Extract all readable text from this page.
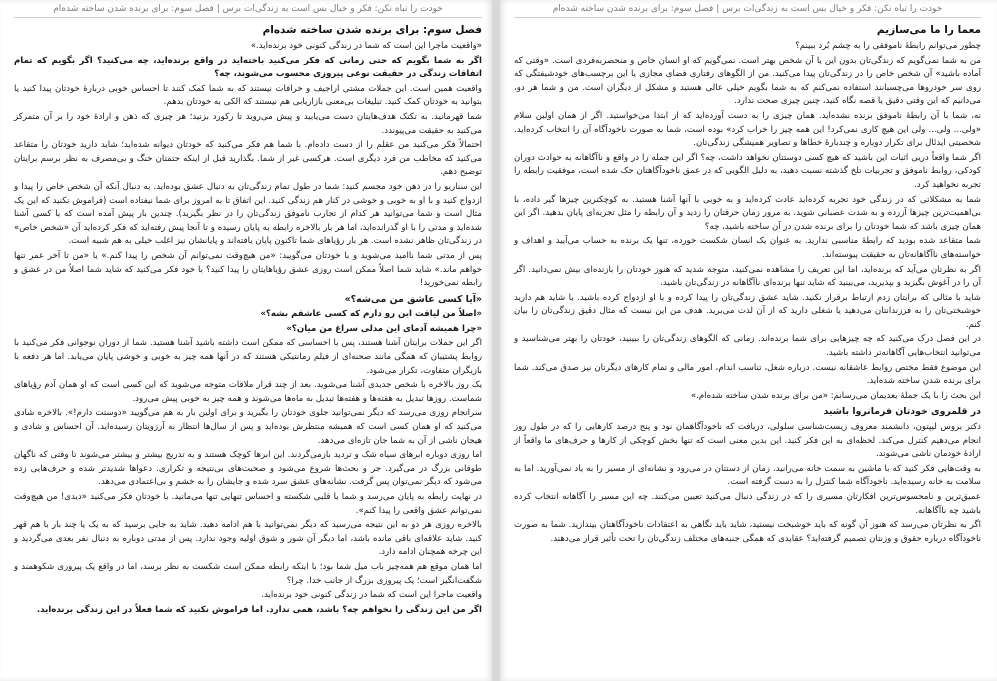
خودت را تباه نکن: فکر و خیال بس است به زندگی‌ات برس | فصل سوم: برای برنده شدن ساخته شده‌ام
فصل سوم: برای برنده شدن ساخته شده‌ام

«واقعیت ماجرا این است که شما در زندگی کنونی خود برنده‌اید.»

اگر به شما بگویم که حتی زمانی که فکر می‌کنید باخته‌اید در واقع برنده‌اید، چه می‌کنید؟ اگر بگویم که تمام اتفاقات زندگی در حقیقت نوعی پیروزی محسوب می‌شوند، چه؟

واقعیت همین است. این جملات مشتی اراجیف و خرافات نیستند که به شما کمک کنند تا احساس خوبی دربارهٔ خودتان پیدا کنید یا بتوانید به خودتان کمک کنید. تبلیغات بی‌معنی بازاریابی هم نیستند که الکی به خودتان بدهم.

شما قهرمانید. به تکتک هدف‌هایتان دست می‌یابید و پیش می‌روید تا رکورد بزنید؛ هر چیزی که ذهن و ارادهٔ خود را بر آن متمرکز می‌کنید به حقیقت می‌پیوندد.

احتمالاً فکر می‌کنید من عقلم را از دست داده‌ام. با شما هم فکر می‌کنید که خودتان دیوانه شده‌اید؛ شاید دارید خودتان را متقاعد می‌کنید که مخاطب من فرد دیگری است. هرکسی غیر از شما. بگذارید قبل از اینکه حتمتان خنگ و بی‌مصرف به نظر برسم برایتان توضیح دهم.

این سناریو را در ذهن خود مجسم کنید: شما در طول تمام زندگی‌تان به دنبال عشق بوده‌اید. به دنبال آنکه آن شخص خاص را پیدا و ازدواج کنید و با او به خوبی و خوشی در کنار هم زندگی کنید. این اتفاق تا به امروز برای شما نیفتاده است (فراموش نکنید که این یک مثال است و شما می‌توانید هر کدام از تجارب ناموفق زندگی‌تان را در نظر بگیرید). چندین بار پیش آمده است که با کسی آشنا شده‌اید و مدتی را با او گذرانده‌اید، اما هر بار بالاخره رابطه به پایان رسیده و تا آنجا پیش رفته‌اید که فکر کرده‌اید آن «شخص خاص» در زندگی‌تان ظاهر نشده است. هر بار رؤیاهای شما تاکنون پایان یافته‌اند و پایانشان نیز اغلب خیلی به هم شبیه است.

پس از مدتی شما ناامید می‌شوید و با خودتان می‌گویید: «من هیچ‌وقت نمی‌توانم آن شخص را پیدا کنم.» یا «من تا آخر عمر تنها خواهم ماند.» شاید شما اصلاً ممکن است روزی عشق رؤیاهایتان را پیدا کنید؟ با خود فکر می‌کنید که شاید شما اصلاً من در عشق و رابطه نمی‌خورید!

«آیا کسی عاشق من می‌شه؟»

«اصلاً من لیاقت این رو دارم که کسی عاشقم بشه؟»

«چرا همیشه آدمای این مدلی سراغ من میان؟»

اگر این جملات برایتان آشنا هستند، پس با احساسی که ممکن است داشته باشید آشنا هستید. شما از دوران نوجوانی فکر می‌کنید با روابط پشتیبان که همگی مانند صحنه‌ای از فیلم رمانتیکی هستند که در آنها همه چیز به خوبی و خوشی پایان می‌یابد. اما هر دفعه با بازیگران متفاوت، تکرار می‌شود.

یک روز بالاخره با شخص جدیدی آشنا می‌شوید. بعد از چند قرار ملاقات متوجه می‌شوید که این کسی است که او همان آدم رؤیاهای شماست. روزها تبدیل به هفته‌ها و هفته‌ها تبدیل به ماه‌ها می‌شوند و همه چیز به خوبی پیش می‌رود.

سرانجام روزی می‌رسد که دیگر نمی‌توانید جلوی خودتان را بگیرید و برای اولین بار به هم می‌گویید «دوستت دارم!». بالاخره شادی می‌کنید که او همان کسی است که همیشه منتظرش بوده‌اید و پس از سال‌ها انتظار به آرزویتان رسیده‌اید. آن احساس و شادی و هیجان ناشی از آن به شما جان تازه‌ای می‌دهد.

اما روزی دوباره ابرهای سیاه شک و تردید بازمی‌گردند. این ابرها کوچک هستند و به تدریج بیشتر و بیشتر می‌شوند تا وقتی که ناگهان طوفانی بزرگ در می‌گیرد. جر و بحث‌ها شروع می‌شود و صحبت‌های بی‌نتیجه و تکراری. دعواها شدیدتر شده و حرف‌هایی زده می‌شود که دیگر نمی‌توان پس گرفت. نشانه‌های عشق سرد شده و جایشان را به خشم و بی‌اعتمادی می‌دهد.

در نهایت رابطه به پایان می‌رسد و شما با قلبی شکسته و احساس تنهایی تنها می‌مانید. با خودتان فکر می‌کنید «دیدی! من هیچ‌وقت نمی‌توانم عشق واقعی را پیدا کنم».

بالاخره روزی هر دو به این نتیجه می‌رسید که دیگر نمی‌توانید با هم ادامه دهید. شاید به جایی برسید که به یک یا چند بار با هم قهر کنید. شاید علاقه‌ای باقی مانده باشد، اما دیگر آن شور و شوق اولیه وجود ندارد. پس از مدتی دوباره به دنبال نفر بعدی می‌گردید و این چرخه همچنان ادامه دارد.

اما همان موقع هم همه‌چیز باب میل شما بود؛ با اینکه رابطه ممکن است شکست به نظر برسد، اما در واقع یک پیروزی شکوهمند و شگفت‌انگیز است؛ یک پیروزی بزرگ از جانب خدا. چرا؟

واقعیت ماجرا این است که شما در زندگی کنونی خود برنده‌اید.

اگر من این زندگی را نخواهم چه؟ باشد، همی ندارد. اما فراموش نکنید که شما فعلاً در این زندگی برنده‌اید.

خودت را تباه نکن: فکر و خیال بس است به زندگی‌ات برس | فصل سوم: برای برنده شدن ساخته شده‌ام
معما را ما می‌سازیم

چطور می‌توانم رابطهٔ ناموفقی را به چشم بُرد ببینم؟

من به شما نمی‌گویم که زندگی‌تان بدون این یا آن شخص بهتر است. نمی‌گویم که او انسان خاص و منحصربه‌فردی است. «وقتی که آماده باشید» آن شخص خاص را در زندگی‌تان پیدا می‌کنید. من از الگوهای رفتاری فضای مجازی یا این برچسب‌های خودشیفتگی که روی سر خودروها می‌چسبانند استفاده نمی‌کنم که به شما بگویم خیلی عالی هستید و مشکل از دیگران است. من و شما هر دو، می‌دانیم که این وقتی دقیق یا قصه نگاه کنید، چنین چیزی صحت ندارد.

نه، شما با آن رابطهٔ ناموفق برنده نشده‌اید. همان چیزی را به دست آورده‌اید که از ابتدا می‌خواستید. اگر از همان اولین سلام «ولی... ولی... ولی این هیچ کاری نمی‌کرد! این همه چیز را خراب کرد» بوده است، شما به صورت ناخودآگاه آن را انتخاب کرده‌اید. شخصیتی ایدئال برای تکرار دوباره و چندبارهٔ خطاها و تصاویر همیشگی زندگی‌تان.

اگر شما واقعاً دریی اثبات این باشید که هیچ کسی دوستتان نخواهد داشت، چه؟ اگر این جمله را در واقع و ناآگاهانه به حوادث دوران کودکی، روابط ناموفق و تجربیات تلخ گذشته نسبت دهید، به دلیل الگویی که در عمق ناخودآگاهتان حک شده است، موفقیت رابطه را تجربه نخواهید کرد.

شما به مشکلاتی که در زندگی خود تجربه کرده‌اید عادت کرده‌اید و به خوبی با آنها آشنا هستید. به کوچکترین چیزها گیر داده، با بی‌اهمیت‌ترین چیزها آزرده و به شدت عصبانی شوید. به مرور زمان حرفتان را زدید و آن رابطه را مثل تجربه‌ای پایان بدهید. اگر این همان چیزی باشد که شما خودتان را برای برنده شدن در آن ساخته باشید، چه؟

شما متقاعد شده بودید که رابطهٔ مناسبی ندارید. به عنوان یک انسان شکست خورده، تنها یک برنده به حساب می‌آیید و اهداف و خواسته‌های ناآگاهانه‌تان به حقیقت پیوسته‌اند.

اگر به نظرتان می‌آید که برنده‌اید، اما این تعریف را مشاهده نمی‌کنید، متوجه شدید که هنوز خودتان را بازنده‌ای بیش نمی‌دانید. اگر آن را در آغوش بگیرید و بپذیرید، می‌بینید که شاید تنها برنده‌ای ناآگاهانه در زندگی‌تان باشید.

شاید با مثالی که برایتان زدم ارتباط برقرار نکنید. شاید عشق زندگی‌تان را پیدا کرده و با او ازدواج کرده باشید. یا شاید هم دارید خوشبختی‌تان را به فرزندانتان می‌دهید یا شغلی دارید که از آن لذت می‌برید. هدف من این نیست که مثال دقیق زندگی‌تان را بیان کنم.

در این فصل درک می‌کنید که چه چیزهایی برای شما برنده‌اند. زمانی که الگوهای زندگی‌تان را ببینید، خودتان را بهتر می‌شناسید و می‌توانید انتخاب‌هایی آگاهانه‌تر داشته باشید.

این موضوع فقط مختص روابط عاشقانه نیست. درباره شغل، تناسب اندام، امور مالی و تمام کارهای دیگرتان نیز صدق می‌کند. شما برای برنده شدن ساخته شده‌اید.

این بحث را با یک جملهٔ بعدیمان می‌رسانم: «من برای برنده شدن ساخته شده‌ام.»

در قلمروی خودتان فرمانروا باشید

دکتر بروس لیپتون، دانشمند معروف زیست‌شناسی سلولی، دریافت که ناخودآگاهمان نود و پنج درصد کارهایی را که در طول روز انجام می‌دهیم کنترل می‌کند. لحظه‌ای به این فکر کنید. این بدین معنی است که تنها بخش کوچکی از کارها و حرف‌های ما واقعاً از ارادهٔ خودمان ناشی می‌شوند.

به وقت‌هایی فکر کنید که با ماشین به سمت خانه می‌رانید. زمان از دستتان در می‌رود و نشانه‌ای از مسیر را به یاد نمی‌آورید. اما به سلامت به خانه رسیده‌اید. ناخودآگاه شما کنترل را به دست گرفته است.

عمیق‌ترین و نامحسوس‌ترین افکارتان مسیری را که در زندگی دنبال می‌کنید تعیین می‌کنند. چه این مسیر را آگاهانه انتخاب کرده باشید چه ناآگاهانه.

اگر به نظرتان می‌رسد که هنوز آن گونه که باید خوشبخت نیستید، شاید باید نگاهی به اعتقادات ناخودآگاهتان بیندازید. شما به صورت ناخودآگاه درباره حقوق و وزنتان تصمیم گرفته‌اید؟ عقایدی که همگی جنبه‌های مختلف زندگی‌تان را تحت تأثیر قرار می‌دهند.
